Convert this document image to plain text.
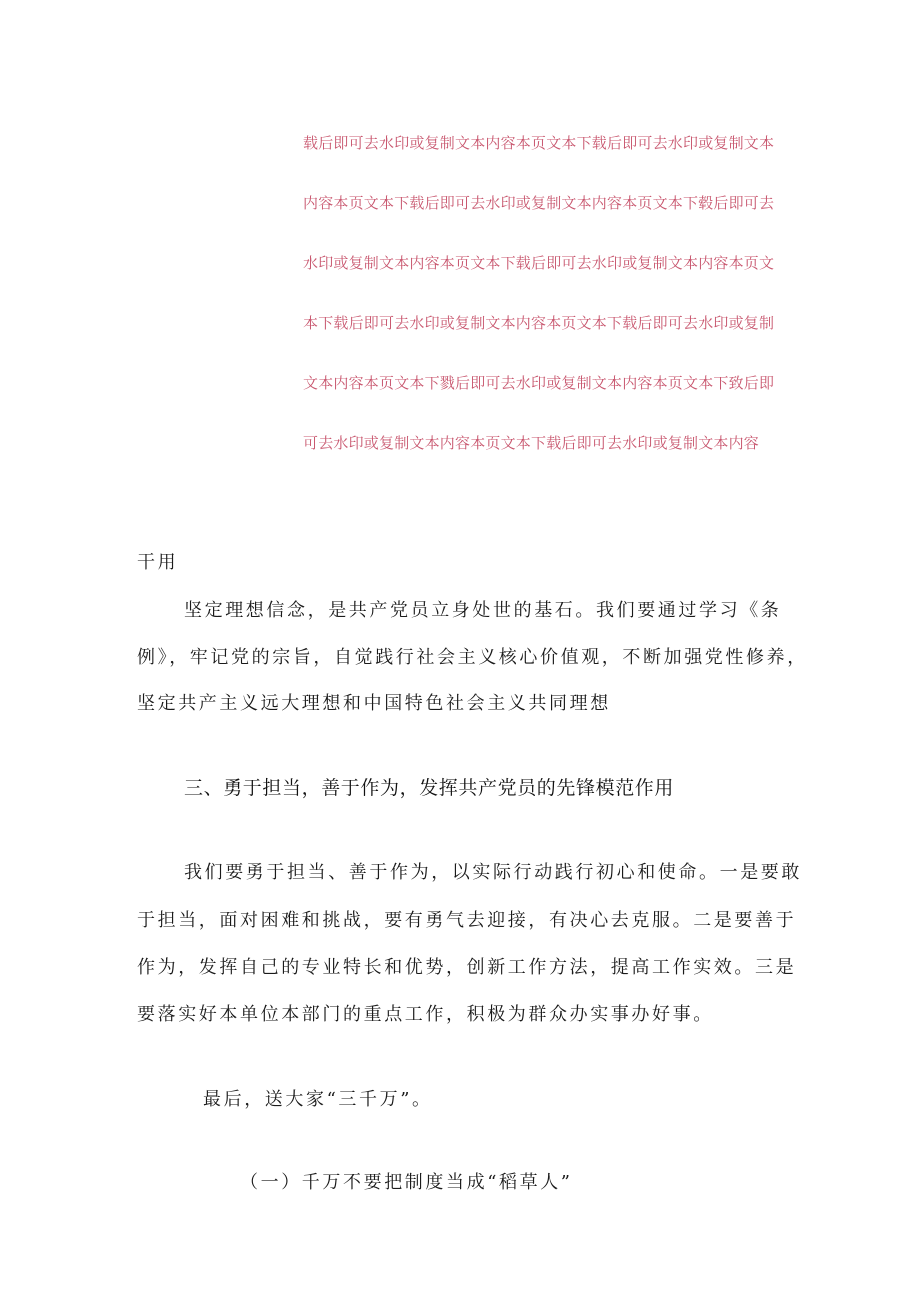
载后即可去水印或复制文本内容本页文本下载后即可去水印或复制文本
内容本页文本下载后即可去水印或复制文本内容本页文本下毂后即可去
水印或复制文本内容本页文本下载后即可去水印或复制文本内容本页文
本下载后即可去水印或复制文本内容本页文本下载后即可去水印或复制
文本内容本页文本下戮后即可去水印或复制文本内容本页文本下致后即
可去水印或复制文本内容本页文本下载后即可去水印或复制文本内容
干用
坚定理想信念，是共产党员立身处世的基石。我们要通过学习《条
例》，牢记党的宗旨，自觉践行社会主义核心价值观，不断加强党性修养，
坚定共产主义远大理想和中国特色社会主义共同理想
三、勇于担当，善于作为，发挥共产党员的先锋模范作用
我们要勇于担当、善于作为，以实际行动践行初心和使命。一是要敢
于担当，面对困难和挑战，要有勇气去迎接，有决心去克服。二是要善于
作为，发挥自己的专业特长和优势，创新工作方法，提高工作实效。三是
要落实好本单位本部门的重点工作，积极为群众办实事办好事。
最后，送大家“三千万”。
（一）千万不要把制度当成“稻草人”
